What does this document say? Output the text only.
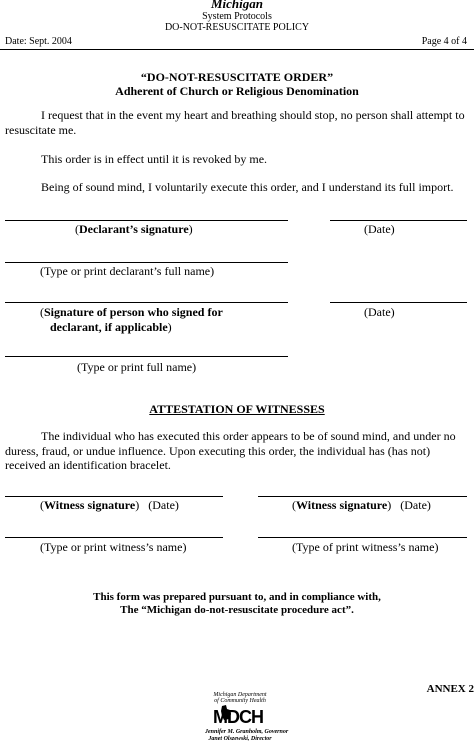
Michigan
System Protocols
DO-NOT-RESUSCITATE POLICY
Date: Sept. 2004	Page 4 of 4
“DO-NOT-RESUSCITATE ORDER”
Adherent of Church or Religious Denomination
I request that in the event my heart and breathing should stop, no person shall attempt to resuscitate me.
This order is in effect until it is revoked by me.
Being of sound mind, I voluntarily execute this order, and I understand its full import.
(Declarant’s signature)	(Date)
(Type or print declarant’s full name)
(Signature of person who signed for
declarant, if applicable)
(Date)
(Type or print full name)
ATTESTATION OF WITNESSES
The individual who has executed this order appears to be of sound mind, and under no duress, fraud, or undue influence. Upon executing this order, the individual has (has not) received an identification bracelet.
(Witness signature) (Date)	(Witness signature) (Date)
(Type or print witness’s name)	(Type of print witness’s name)
This form was prepared pursuant to, and in compliance with,
The “Michigan do-not-resuscitate procedure act”.
ANNEX 2
Michigan Department
of Community Health
MDCH
Jennifer M. Granholm, Governor
Janet Olszewski, Director
